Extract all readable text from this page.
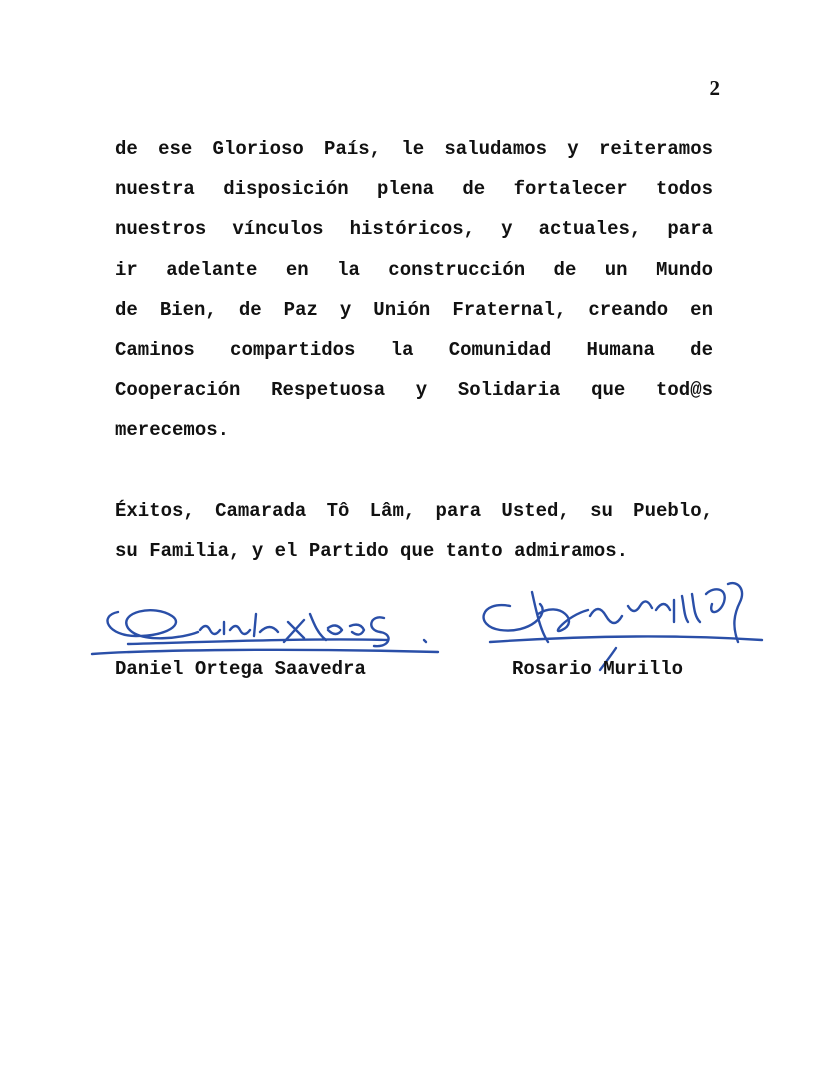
2
de ese Glorioso País, le saludamos y reiteramos
nuestra disposición plena de fortalecer todos
nuestros vínculos históricos, y actuales, para
ir adelante en la construcción de un Mundo
de Bien, de Paz y Unión Fraternal, creando en
Caminos compartidos la Comunidad Humana de
Cooperación Respetuosa y Solidaria que tod@s
merecemos.
Éxitos, Camarada Tô Lâm, para Usted, su Pueblo,
su Familia, y el Partido que tanto admiramos.
Daniel Ortega Saavedra	Rosario Murillo
